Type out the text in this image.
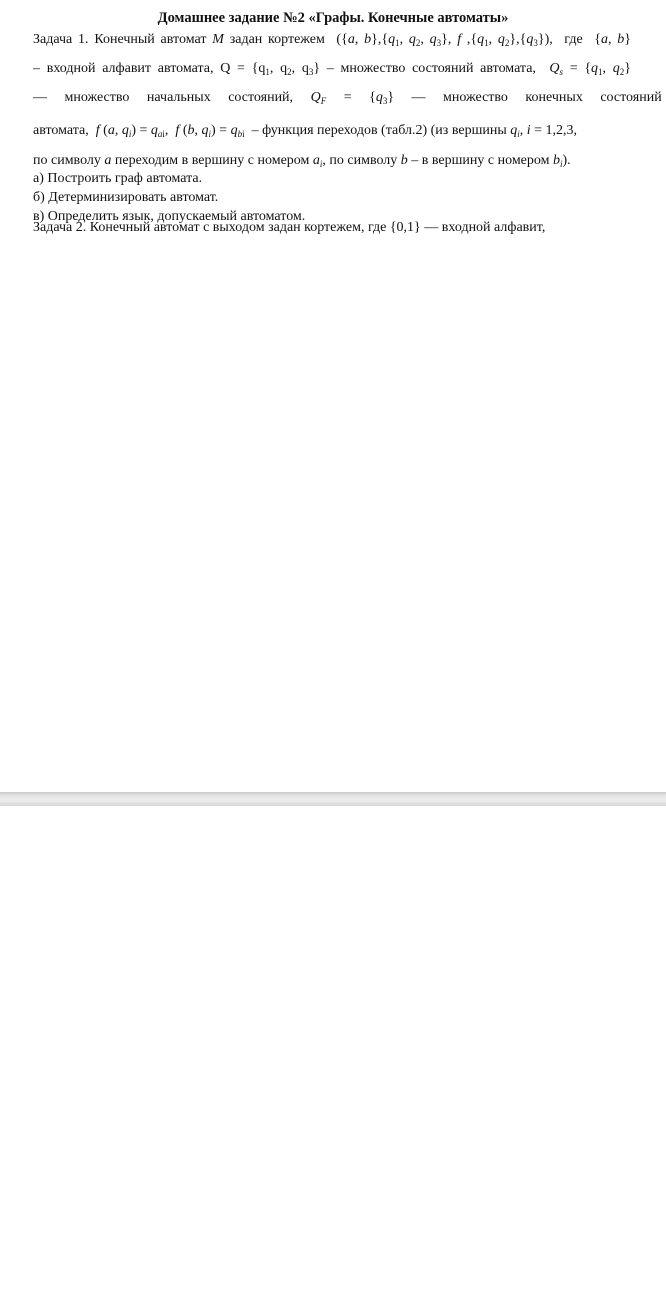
Домашнее задание №2 «Графы. Конечные автоматы»
Задача 1. Конечный автомат M задан кортежем  ({a, $b\},\{q_1$, $q_2$, $q_3$}, f $,\{q_1$, $q_2\},\{q_3\}$),  где  {a, b}
– входной алфавит автомата, $Q = \{q_1$, $q_2$, $q_3$} – множество состояний автомата,  $Q_s = \{q_1$, $q_2$}
— множество начальных состояний, $Q_F = \{q_3\}$ — множество конечных состояний
автомата,  f (a, $q_i) = q_{ai}$,  f (b, $q_i) = q_{bi}$  – функция переходов (табл.2) (из вершины $q_i$, i = 1,2,3,
по символу a переходим в вершину с номером $a_i$, по символу b – в вершину с номером $b_i$).
а) Построить граф автомата.
б) Детерминизировать автомат.
в) Определить язык, допускаемый автоматом.
Задача 2. Конечный автомат с выходом задан кортежем, где {0,1} — входной алфавит,
